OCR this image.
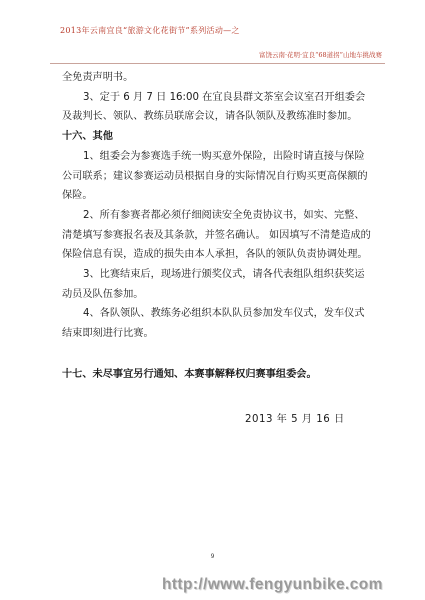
2013年云南宜良“旅游文化花街节”系列活动—之
富饶云南·花明·宜良“68道拐”山地车挑战赛

全免责声明书。

3、定于 6 月 7 日 16:00 在宜良县群文茶室会议室召开组委会及裁判长、领队、教练员联席会议，请各队领队及教练准时参加。

十六、其他

1、组委会为参赛选手统一购买意外保险，出险时请直接与保险公司联系；建议参赛运动员根据自身的实际情况自行购买更高保额的保险。

2、所有参赛者都必须仔细阅读安全免责协议书，如实、完整、清楚填写参赛报名表及其条款，并签名确认。 如因填写不清楚造成的保险信息有误，造成的损失由本人承担，各队的领队负责协调处理。

3、比赛结束后，现场进行颁奖仪式，请各代表组队组织获奖运动员及队伍参加。

4、各队领队、教练务必组织本队队员参加发车仪式，发车仪式结束即刻进行比赛。

十七、未尽事宜另行通知、本赛事解释权归赛事组委会。

2013 年 5 月 16 日
9
http://www.fengyunbike.com
